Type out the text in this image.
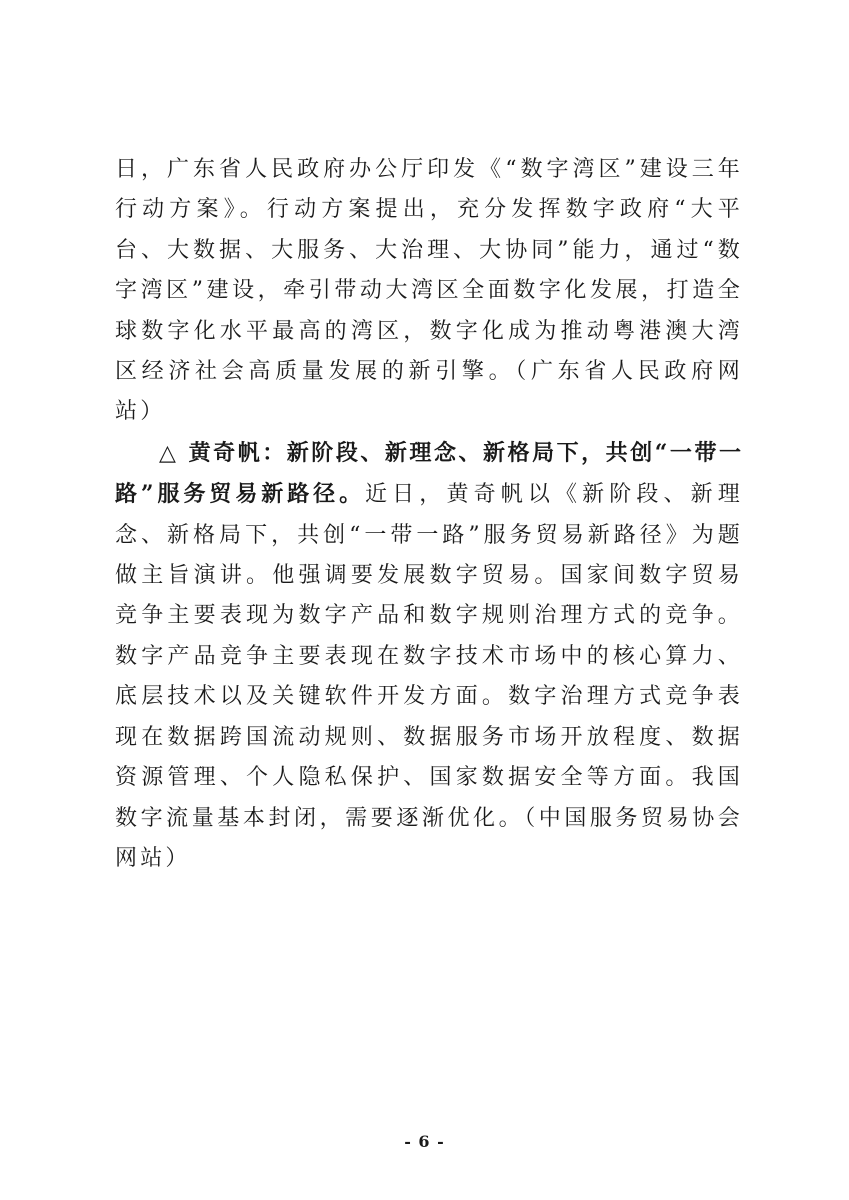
日，广东省人民政府办公厅印发《“数字湾区”建设三年行动方案》。行动方案提出，充分发挥数字政府“大平台、大数据、大服务、大治理、大协同”能力，通过“数字湾区”建设，牵引带动大湾区全面数字化发展，打造全球数字化水平最高的湾区，数字化成为推动粤港澳大湾区经济社会高质量发展的新引擎。（广东省人民政府网站）

△ 黄奇帆：新阶段、新理念、新格局下，共创“一带一路”服务贸易新路径。近日，黄奇帆以《新阶段、新理念、新格局下，共创“一带一路”服务贸易新路径》为题做主旨演讲。他强调要发展数字贸易。国家间数字贸易竞争主要表现为数字产品和数字规则治理方式的竞争。数字产品竞争主要表现在数字技术市场中的核心算力、底层技术以及关键软件开发方面。数字治理方式竞争表现在数据跨国流动规则、数据服务市场开放程度、数据资源管理、个人隐私保护、国家数据安全等方面。我国数字流量基本封闭，需要逐渐优化。（中国服务贸易协会网站）

- 6 -
